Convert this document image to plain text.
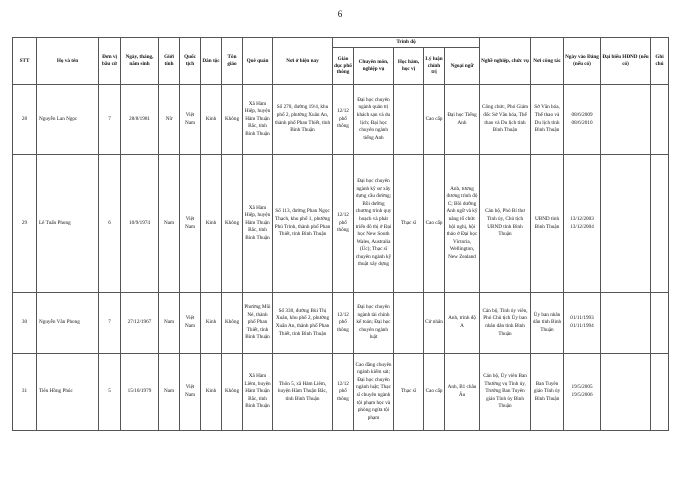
6
STT	Họ và tên	Đơn vị bầu cử	Ngày, tháng, năm sinh	Giới tính	Quốc tịch	Dân tộc	Tôn giáo	Quê quán	Nơi ở hiện nay	Trình độ					Nghề nghiệp, chức vụ	Nơi công tác	Ngày vào Đảng (nếu có)	Đại biểu HĐND (nếu có)	Ghi chú
										Giáo dục phổ thông	Chuyên môn, nghiệp vụ	Học hàm, học vị	Lý luận chính trị	Ngoại ngữ					
28	Nguyễn Lan Ngọc	7	28/8/1981	Nữ	Việt Nam	Kinh	Không	Xã Hàm Hiệp, huyện Hàm Thuận Bắc, tỉnh Bình Thuận	Số 270, đường 19/4, khu phố 2, phường Xuân An, thành phố Phan Thiết, tỉnh Bình Thuận	12/12 phổ thông	Đại học chuyên ngành quản trị khách sạn và du lịch; Đại học chuyên ngành tiếng Anh		Cao cấp	Đại học Tiếng Anh	Công chức, Phó Giám đốc Sở Văn hóa, Thể thao và Du lịch tỉnh Bình Thuận	Sở Văn hóa, Thể thao và Du lịch tỉnh Bình Thuận	08/6/2009
08/6/2010		

29	Lê Tuấn Phong	6	10/9/1974	Nam	Việt Nam	Kinh	Không	Xã Hàm Hiệp, huyện Hàm Thuận Bắc, tỉnh Bình Thuận	Số 113, đường Phan Ngọc Thạch, khu phố 1, phường Phú Trinh, thành phố Phan Thiết, tỉnh Bình Thuận	12/12 phổ thông	Đại học chuyên ngành kỹ sư xây dựng cầu đường; Bồi dưỡng chương trình quy hoạch và phát triển đô thị ở Đại học New South Wales, Australia (Úc); Thạc sĩ chuyên ngành kỹ thuật xây dựng	Thạc sĩ	Cao cấp	Anh, tương đương trình độ C; Bồi dưỡng Anh ngữ và kỹ năng tổ chức hội nghị, hội thảo ở Đại học Victoria, Wellington, New Zealand	Cán bộ, Phó Bí thư Tỉnh ủy, Chủ tịch UBND tỉnh Bình Thuận	UBND tỉnh Bình Thuận	13/12/2003
13/12/2004		

30	Nguyễn Văn Phong	7	27/12/1967	Nam	Việt Nam	Kinh	Không	Phường Mũi Né, thành phố Phan Thiết, tỉnh Bình Thuận	Số 330, đường Bùi Thị Xuân, khu phố 2, phường Xuân An, thành phố Phan Thiết, tỉnh Bình Thuận	12/12 phổ thông	Đại học chuyên ngành tài chính kế toán; Đại học chuyên ngành luật		Cử nhân	Anh, trình độ A	Cán bộ, Tỉnh ủy viên, Phó Chủ tịch Ủy ban nhân dân tỉnh Bình Thuận	Ủy ban nhân dân tỉnh Bình Thuận	01/11/1993
01/11/1994		

31	Tiêu Hồng Phúc	5	15/10/1979	Nam	Việt Nam	Kinh	Không	Xã Hàm Liêm, huyện Hàm Thuận Bắc, tỉnh Bình Thuận	Thôn 5, xã Hàm Liêm, huyện Hàm Thuận Bắc, tỉnh Bình Thuận	12/12 phổ thông	Cao đẳng chuyên ngành kiểm sát; Đại học chuyên ngành luật; Thạc sĩ chuyên ngành tội phạm học và phòng ngừa tội phạm	Thạc sĩ	Cao cấp	Anh, B1 châu Âu	Cán bộ, Ủy viên Ban Thường vụ Tỉnh ủy, Trưởng Ban Tuyên giáo Tỉnh ủy Bình Thuận	Ban Tuyên giáo Tỉnh ủy Bình Thuận	19/5/2005
19/5/2006		
